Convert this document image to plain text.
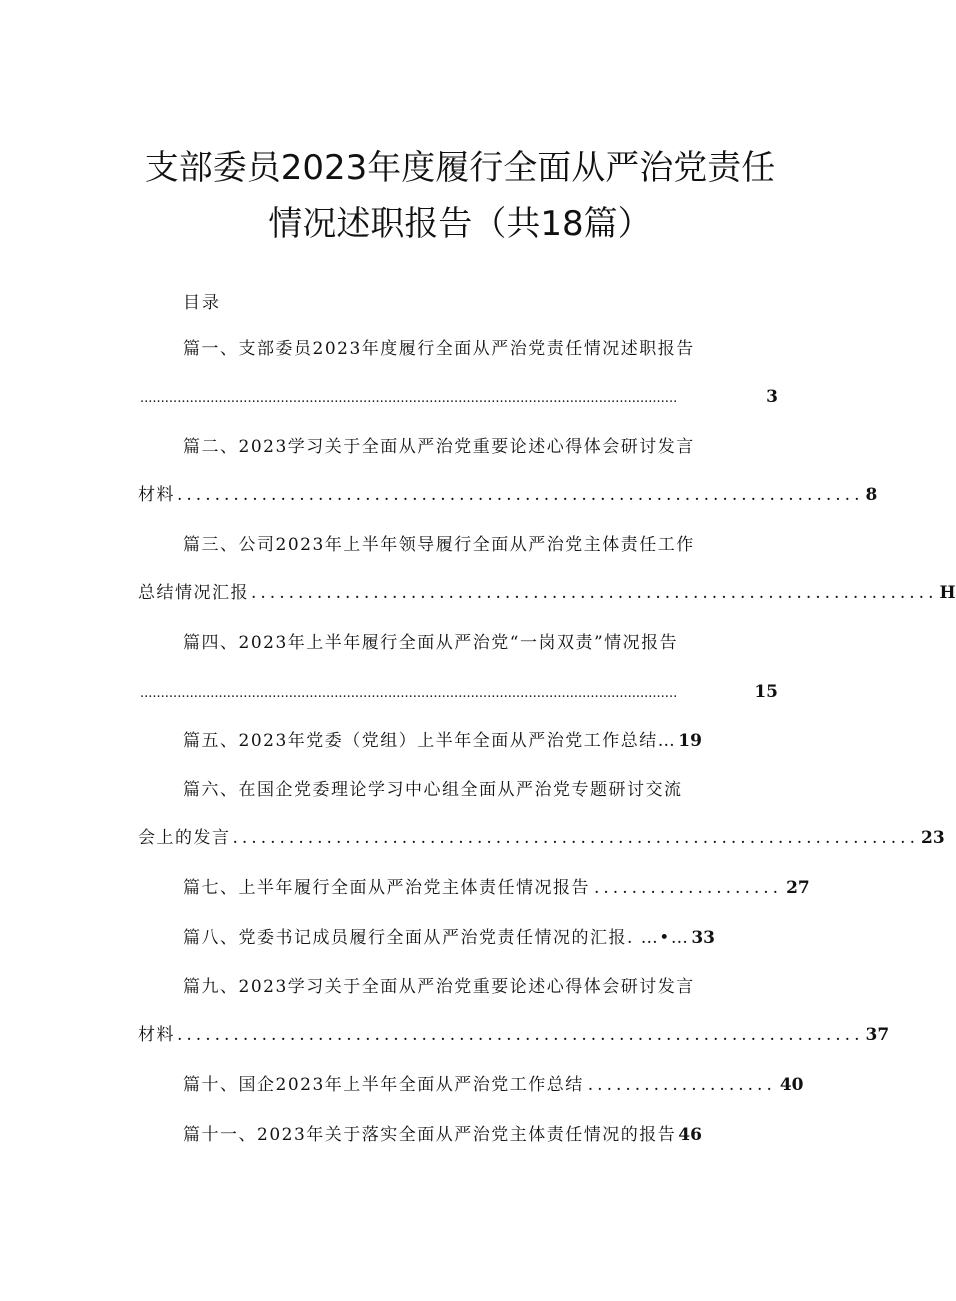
支部委员2023年度履行全面从严治党责任
情况述职报告（共18篇）
目录
篇一、支部委员2023年度履行全面从严治党责任情况述职报告
..................................................................................................................................	3
篇二、2023学习关于全面从严治党重要论述心得体会研讨发言
材料 ......................................................................... 8
篇三、公司2023年上半年领导履行全面从严治党主体责任工作
总结情况汇报 ......................................................................... H
篇四、2023年上半年履行全面从严治党“一岗双责”情况报告
..................................................................................................................................	15
篇五、2023年党委（党组）上半年全面从严治党工作总结… 19
篇六、在国企党委理论学习中心组全面从严治党专题研讨交流
会上的发言 ......................................................................... 23
篇七、上半年履行全面从严治党主体责任情况报告 .................... 27
篇八、党委书记成员履行全面从严治党责任情况的汇报. …•… 33
篇九、2023学习关于全面从严治党重要论述心得体会研讨发言
材料 ......................................................................... 37
篇十、国企2023年上半年全面从严治党工作总结 .................... 40
篇十一、2023年关于落实全面从严治党主体责任情况的报告 46
